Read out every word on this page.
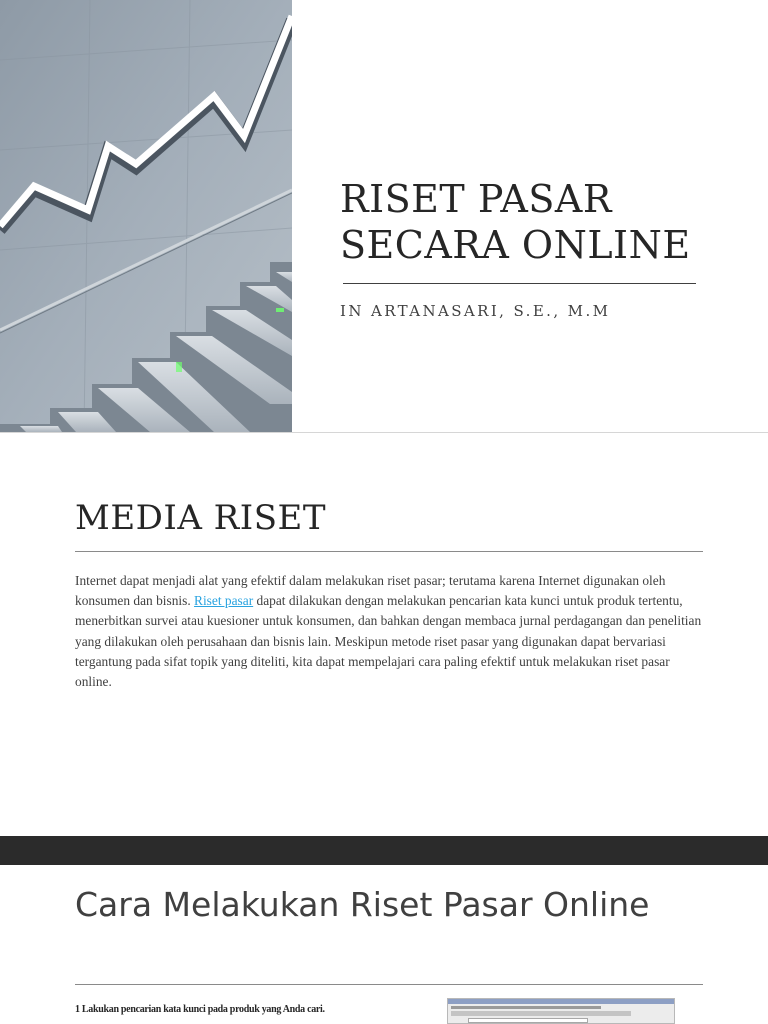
RISET PASAR
SECARA ONLINE
IN ARTANASARI, S.E., M.M
MEDIA RISET

Internet dapat menjadi alat yang efektif dalam melakukan riset pasar; terutama karena Internet digunakan oleh konsumen dan bisnis. Riset pasar dapat dilakukan dengan melakukan pencarian kata kunci untuk produk tertentu, menerbitkan survei atau kuesioner untuk konsumen, dan bahkan dengan membaca jurnal perdagangan dan penelitian yang dilakukan oleh perusahaan dan bisnis lain. Meskipun metode riset pasar yang digunakan dapat bervariasi tergantung pada sifat topik yang diteliti, kita dapat mempelajari cara paling efektif untuk melakukan riset pasar online.

Cara Melakukan Riset Pasar Online
1 Lakukan pencarian kata kunci pada produk yang Anda cari.
